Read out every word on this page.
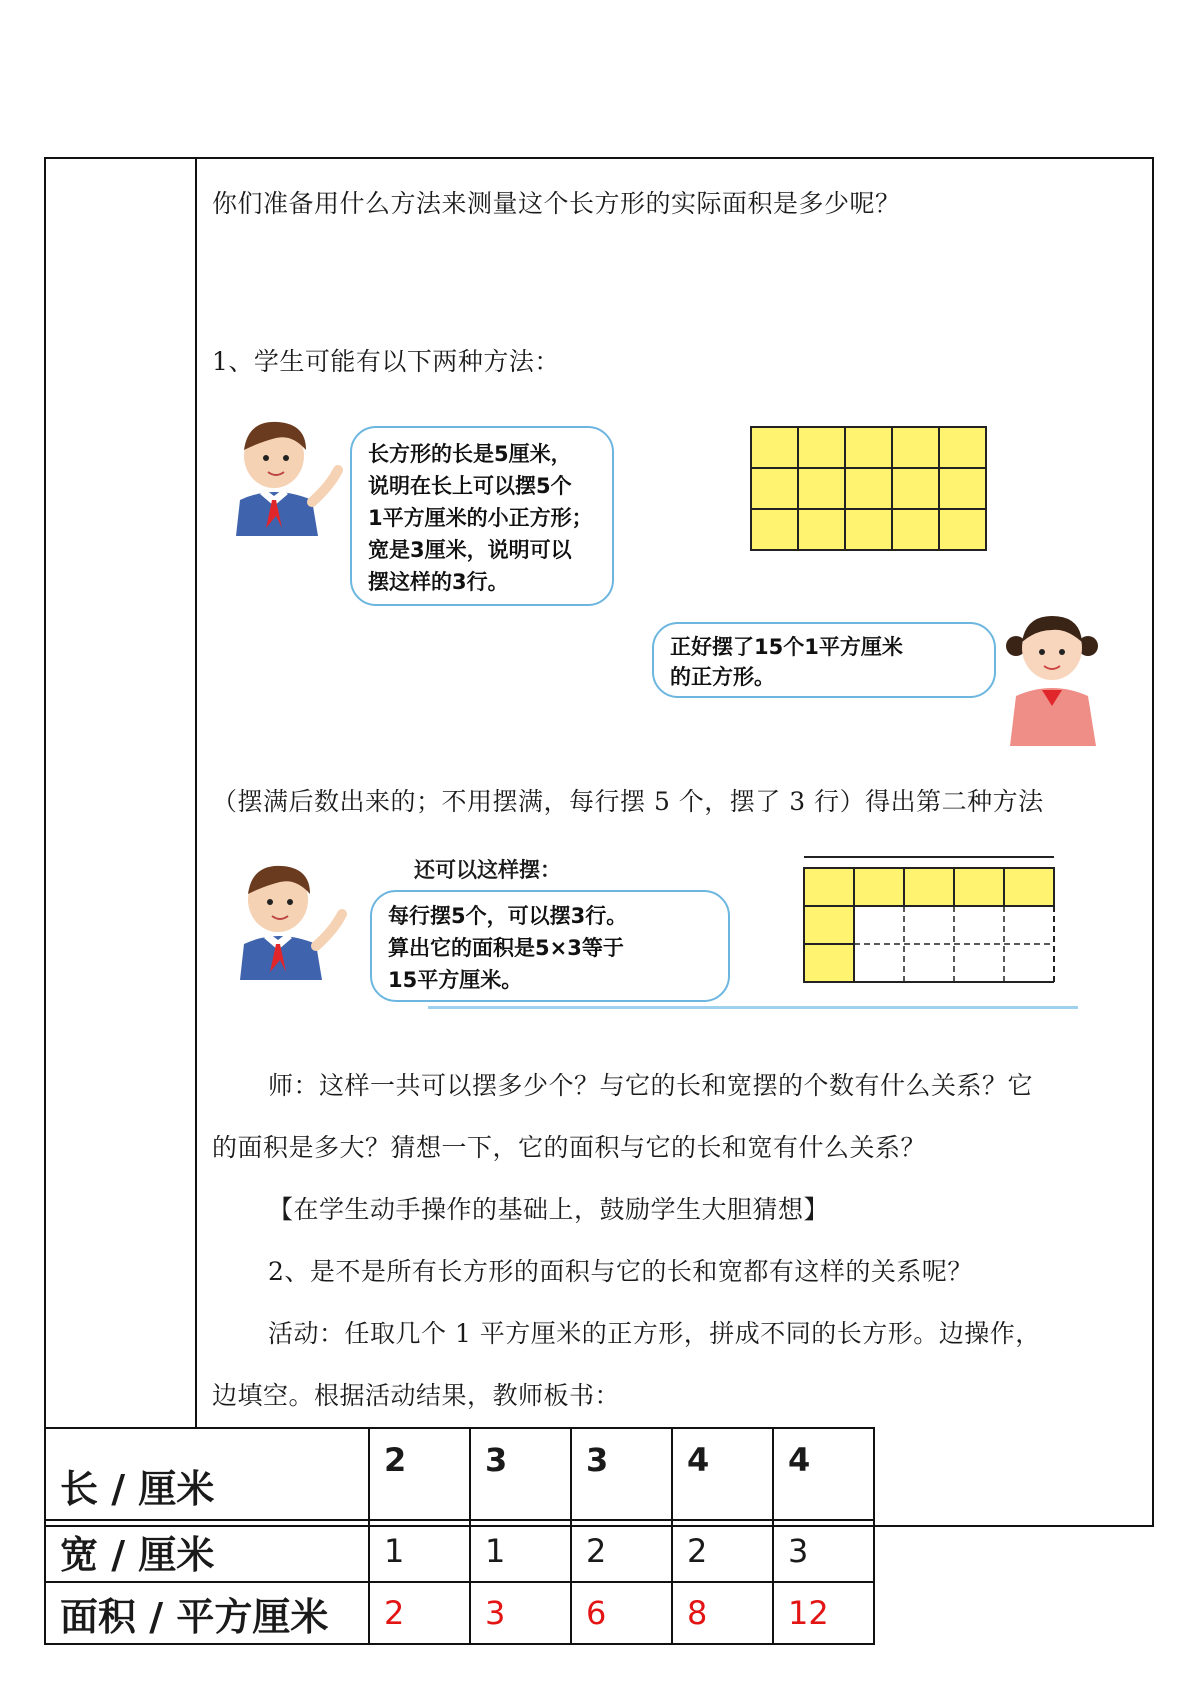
你们准备用什么方法来测量这个长方形的实际面积是多少呢？
1、学生可能有以下两种方法：
长方形的长是5厘米，
说明在长上可以摆5个
1平方厘米的小正方形；
宽是3厘米，说明可以
摆这样的3行。

正好摆了15个1平方厘米
的正方形。
（摆满后数出来的；不用摆满，每行摆 5 个，摆了 3 行）得出第二种方法
还可以这样摆：
每行摆5个，可以摆3行。
算出它的面积是5×3等于
15平方厘米。
师：这样一共可以摆多少个？与它的长和宽摆的个数有什么关系？它
的面积是多大？猜想一下，它的面积与它的长和宽有什么关系？
【在学生动手操作的基础上，鼓励学生大胆猜想】
2、是不是所有长方形的面积与它的长和宽都有这样的关系呢？
活动：任取几个 1 平方厘米的正方形，拼成不同的长方形。边操作，
边填空。根据活动结果，教师板书：
长 / 厘米	2	3	3	4	4
宽 / 厘米	1	1	2	2	3
面积 / 平方厘米	2	3	6	8	12
